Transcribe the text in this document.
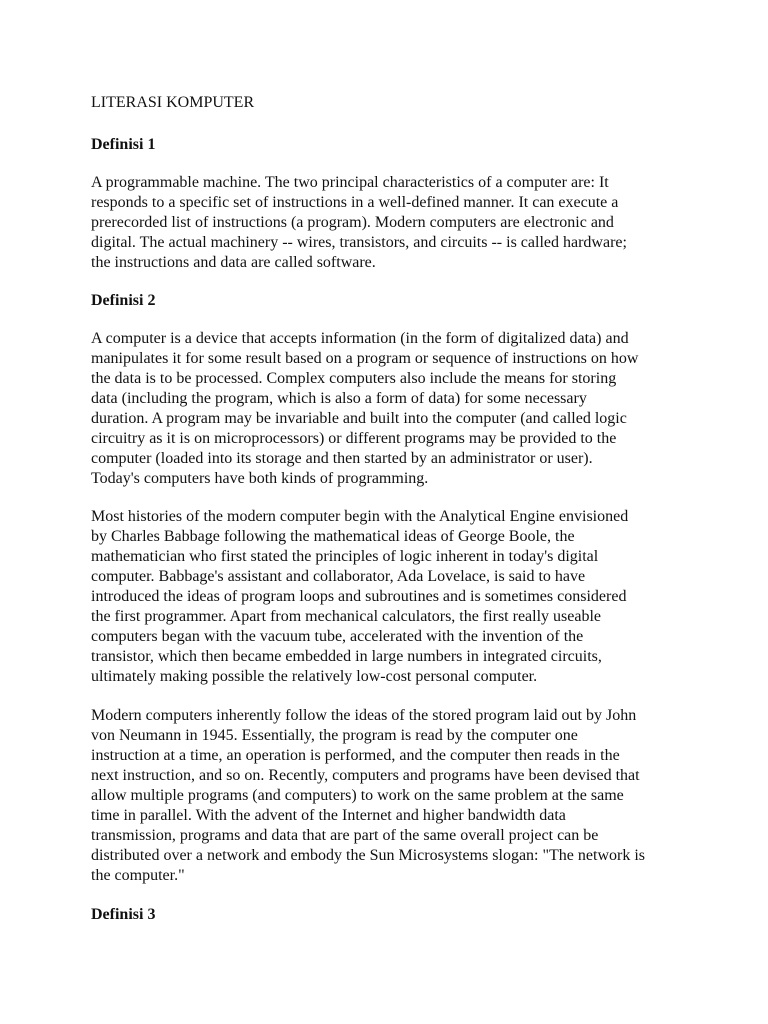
LITERASI KOMPUTER
Definisi 1
A programmable machine. The two principal characteristics of a computer are: It
responds to a specific set of instructions in a well-defined manner. It can execute a
prerecorded list of instructions (a program). Modern computers are electronic and
digital. The actual machinery -- wires, transistors, and circuits -- is called hardware;
the instructions and data are called software.
Definisi 2
A computer is a device that accepts information (in the form of digitalized data) and
manipulates it for some result based on a program or sequence of instructions on how
the data is to be processed. Complex computers also include the means for storing
data (including the program, which is also a form of data) for some necessary
duration. A program may be invariable and built into the computer (and called logic
circuitry as it is on microprocessors) or different programs may be provided to the
computer (loaded into its storage and then started by an administrator or user).
Today's computers have both kinds of programming.
Most histories of the modern computer begin with the Analytical Engine envisioned
by Charles Babbage following the mathematical ideas of George Boole, the
mathematician who first stated the principles of logic inherent in today's digital
computer. Babbage's assistant and collaborator, Ada Lovelace, is said to have
introduced the ideas of program loops and subroutines and is sometimes considered
the first programmer. Apart from mechanical calculators, the first really useable
computers began with the vacuum tube, accelerated with the invention of the
transistor, which then became embedded in large numbers in integrated circuits,
ultimately making possible the relatively low-cost personal computer.
Modern computers inherently follow the ideas of the stored program laid out by John
von Neumann in 1945. Essentially, the program is read by the computer one
instruction at a time, an operation is performed, and the computer then reads in the
next instruction, and so on. Recently, computers and programs have been devised that
allow multiple programs (and computers) to work on the same problem at the same
time in parallel. With the advent of the Internet and higher bandwidth data
transmission, programs and data that are part of the same overall project can be
distributed over a network and embody the Sun Microsystems slogan: "The network is
the computer."
Definisi 3
